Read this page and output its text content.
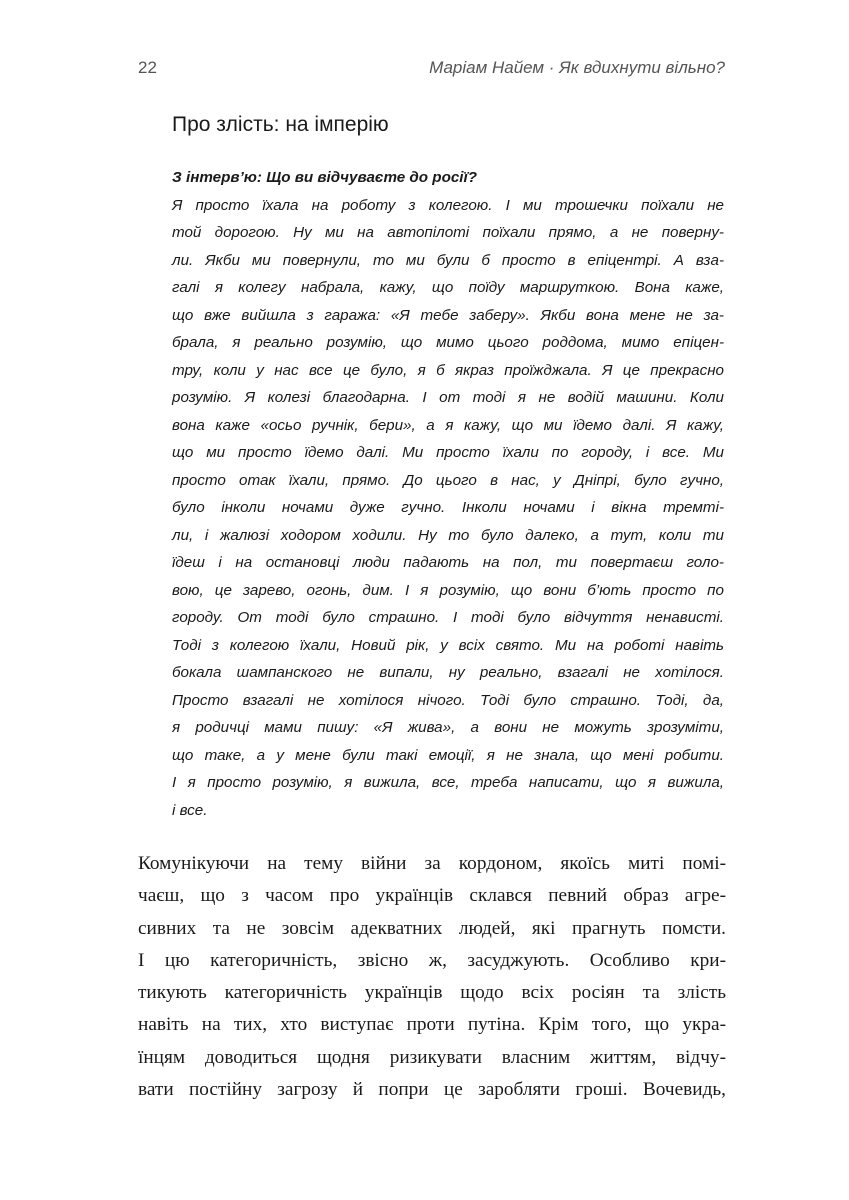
22	Маріам Найем · Як вдихнути вільно?
Про злість: на імперію
З інтерв’ю: Що ви відчуваєте до росії?
Я просто їхала на роботу з колегою. І ми трошечки поїхали не
той дорогою. Ну ми на автопілоті поїхали прямо, а не поверну-
ли. Якби ми повернули, то ми були б просто в епіцентрі. А взa-
галі я колегу набрала, кажу, що поїду маршруткою. Вона каже,
що вже вийшла з гаража: «Я тебе заберу». Якби вона мене не за-
брала, я реально розумію, що мимо цього роддома, мимо епіцен-
тру, коли у нас все це було, я б якраз проїжджала. Я це прекрасно
розумію. Я колезі благодарна. І от тоді я не водій машини. Коли
вона каже «осьо ручнік, бери», а я кажу, що ми їдемо далі. Я кажу,
що ми просто їдемо далі. Ми просто їхали по городу, і все. Ми
просто отак їхали, прямо. До цього в нас, у Дніпрі, було гучно,
було інколи ночами дуже гучно. Інколи ночами і вікна трeмті-
ли, і жалюзі ходором ходили. Ну то було далеко, а тут, коли ти
їдеш і на остановці люди падають на пол, ти повертаєш голо-
вою, це зарево, огонь, дим. І я розумію, що вони б’ють просто по
городу. От тоді було страшно. І тоді було відчуття ненависті.
Тоді з колегою їхали, Новий рік, у всіх свято. Ми на роботі навіть
бокала шампанского не випали, ну реально, взагалі не хотілося.
Просто взагалі не хотілося нічого. Тоді було страшно. Тоді, да,
я родичці мами пишу: «Я жива», а вони не можуть зрозуміти,
що таке, а у мене були такі емоції, я не знала, що мені робити.
І я просто розумію, я вижила, все, треба написати, що я вижила,
і все.
Комунікуючи на тему війни за кордоном, якоїсь миті помі-
чаєш, що з часом про українців склався певний образ агре-
сивних та не зовсім адекватних людей, які прагнуть помсти.
І цю категоричність, звісно ж, засуджують. Особливо кри-
тикують категоричність українців щодо всіх росіян та злість
навіть на тих, хто виступає проти путіна. Крім того, що укра-
їнцям доводиться щодня ризикувати власним життям, відчу-
вати постійну загрозу й попри це заробляти гроші. Вочевидь,
